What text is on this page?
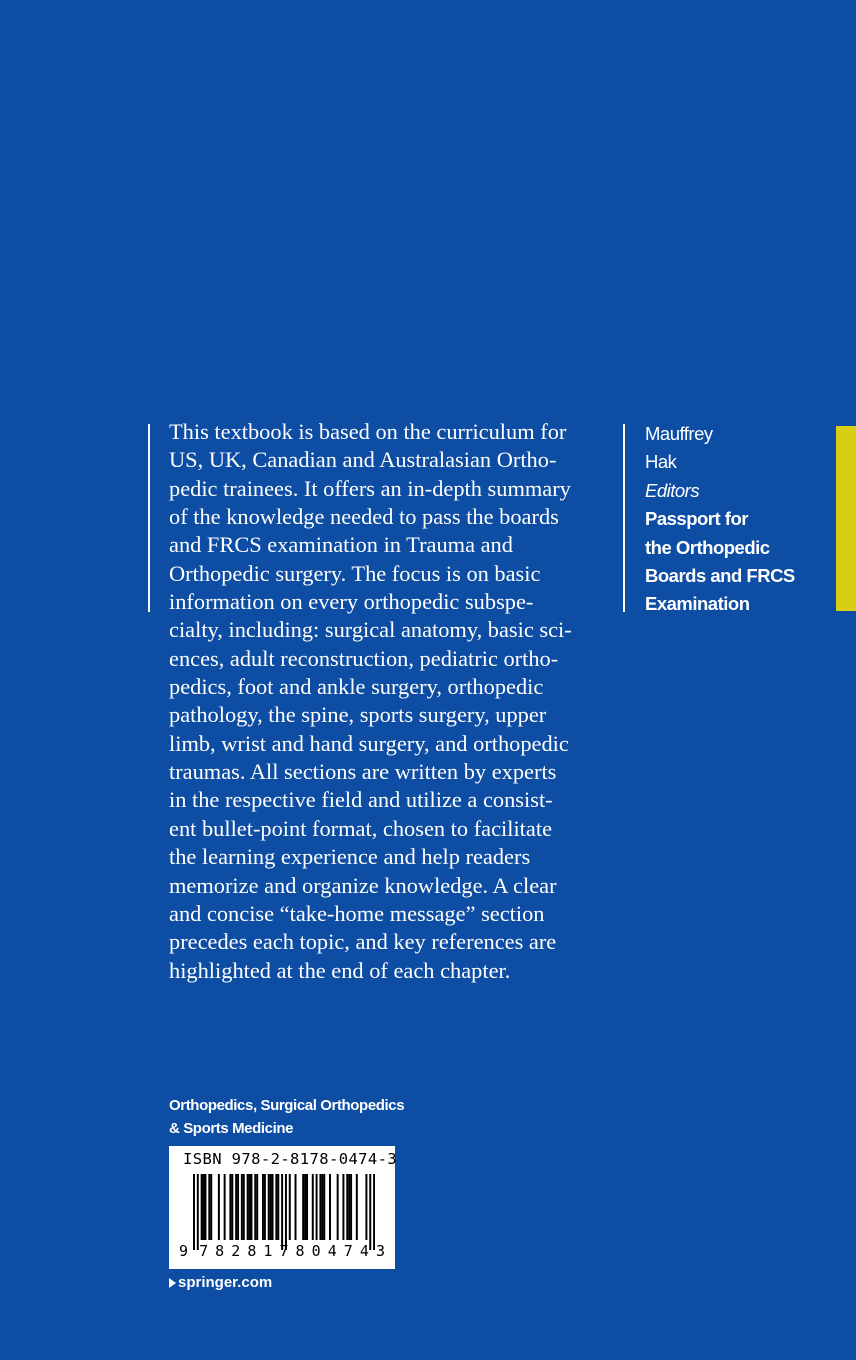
This textbook is based on the curriculum for
US, UK, Canadian and Australasian Ortho-
pedic trainees. It offers an in-depth summary
of the knowledge needed to pass the boards
and FRCS examination in Trauma and
Orthopedic surgery. The focus is on basic
information on every orthopedic subspe-
cialty, including: surgical anatomy, basic sci-
ences, adult reconstruction, pediatric ortho-
pedics, foot and ankle surgery, orthopedic
pathology, the spine, sports surgery, upper
limb, wrist and hand surgery, and orthopedic
traumas. All sections are written by experts
in the respective field and utilize a consist-
ent bullet-point format, chosen to facilitate
the learning experience and help readers
memorize and organize knowledge. A clear
and concise “take-home message” section
precedes each topic, and key references are
highlighted at the end of each chapter.

Mauffrey
Hak
Editors
Passport for
the Orthopedic
Boards and FRCS
Examination
Orthopedics, Surgical Orthopedics
& Sports Medicine
ISBN 978-2-8178-0474-3
9 7 8 2 8 1 7 8 0 4 7 4 3
springer.com
